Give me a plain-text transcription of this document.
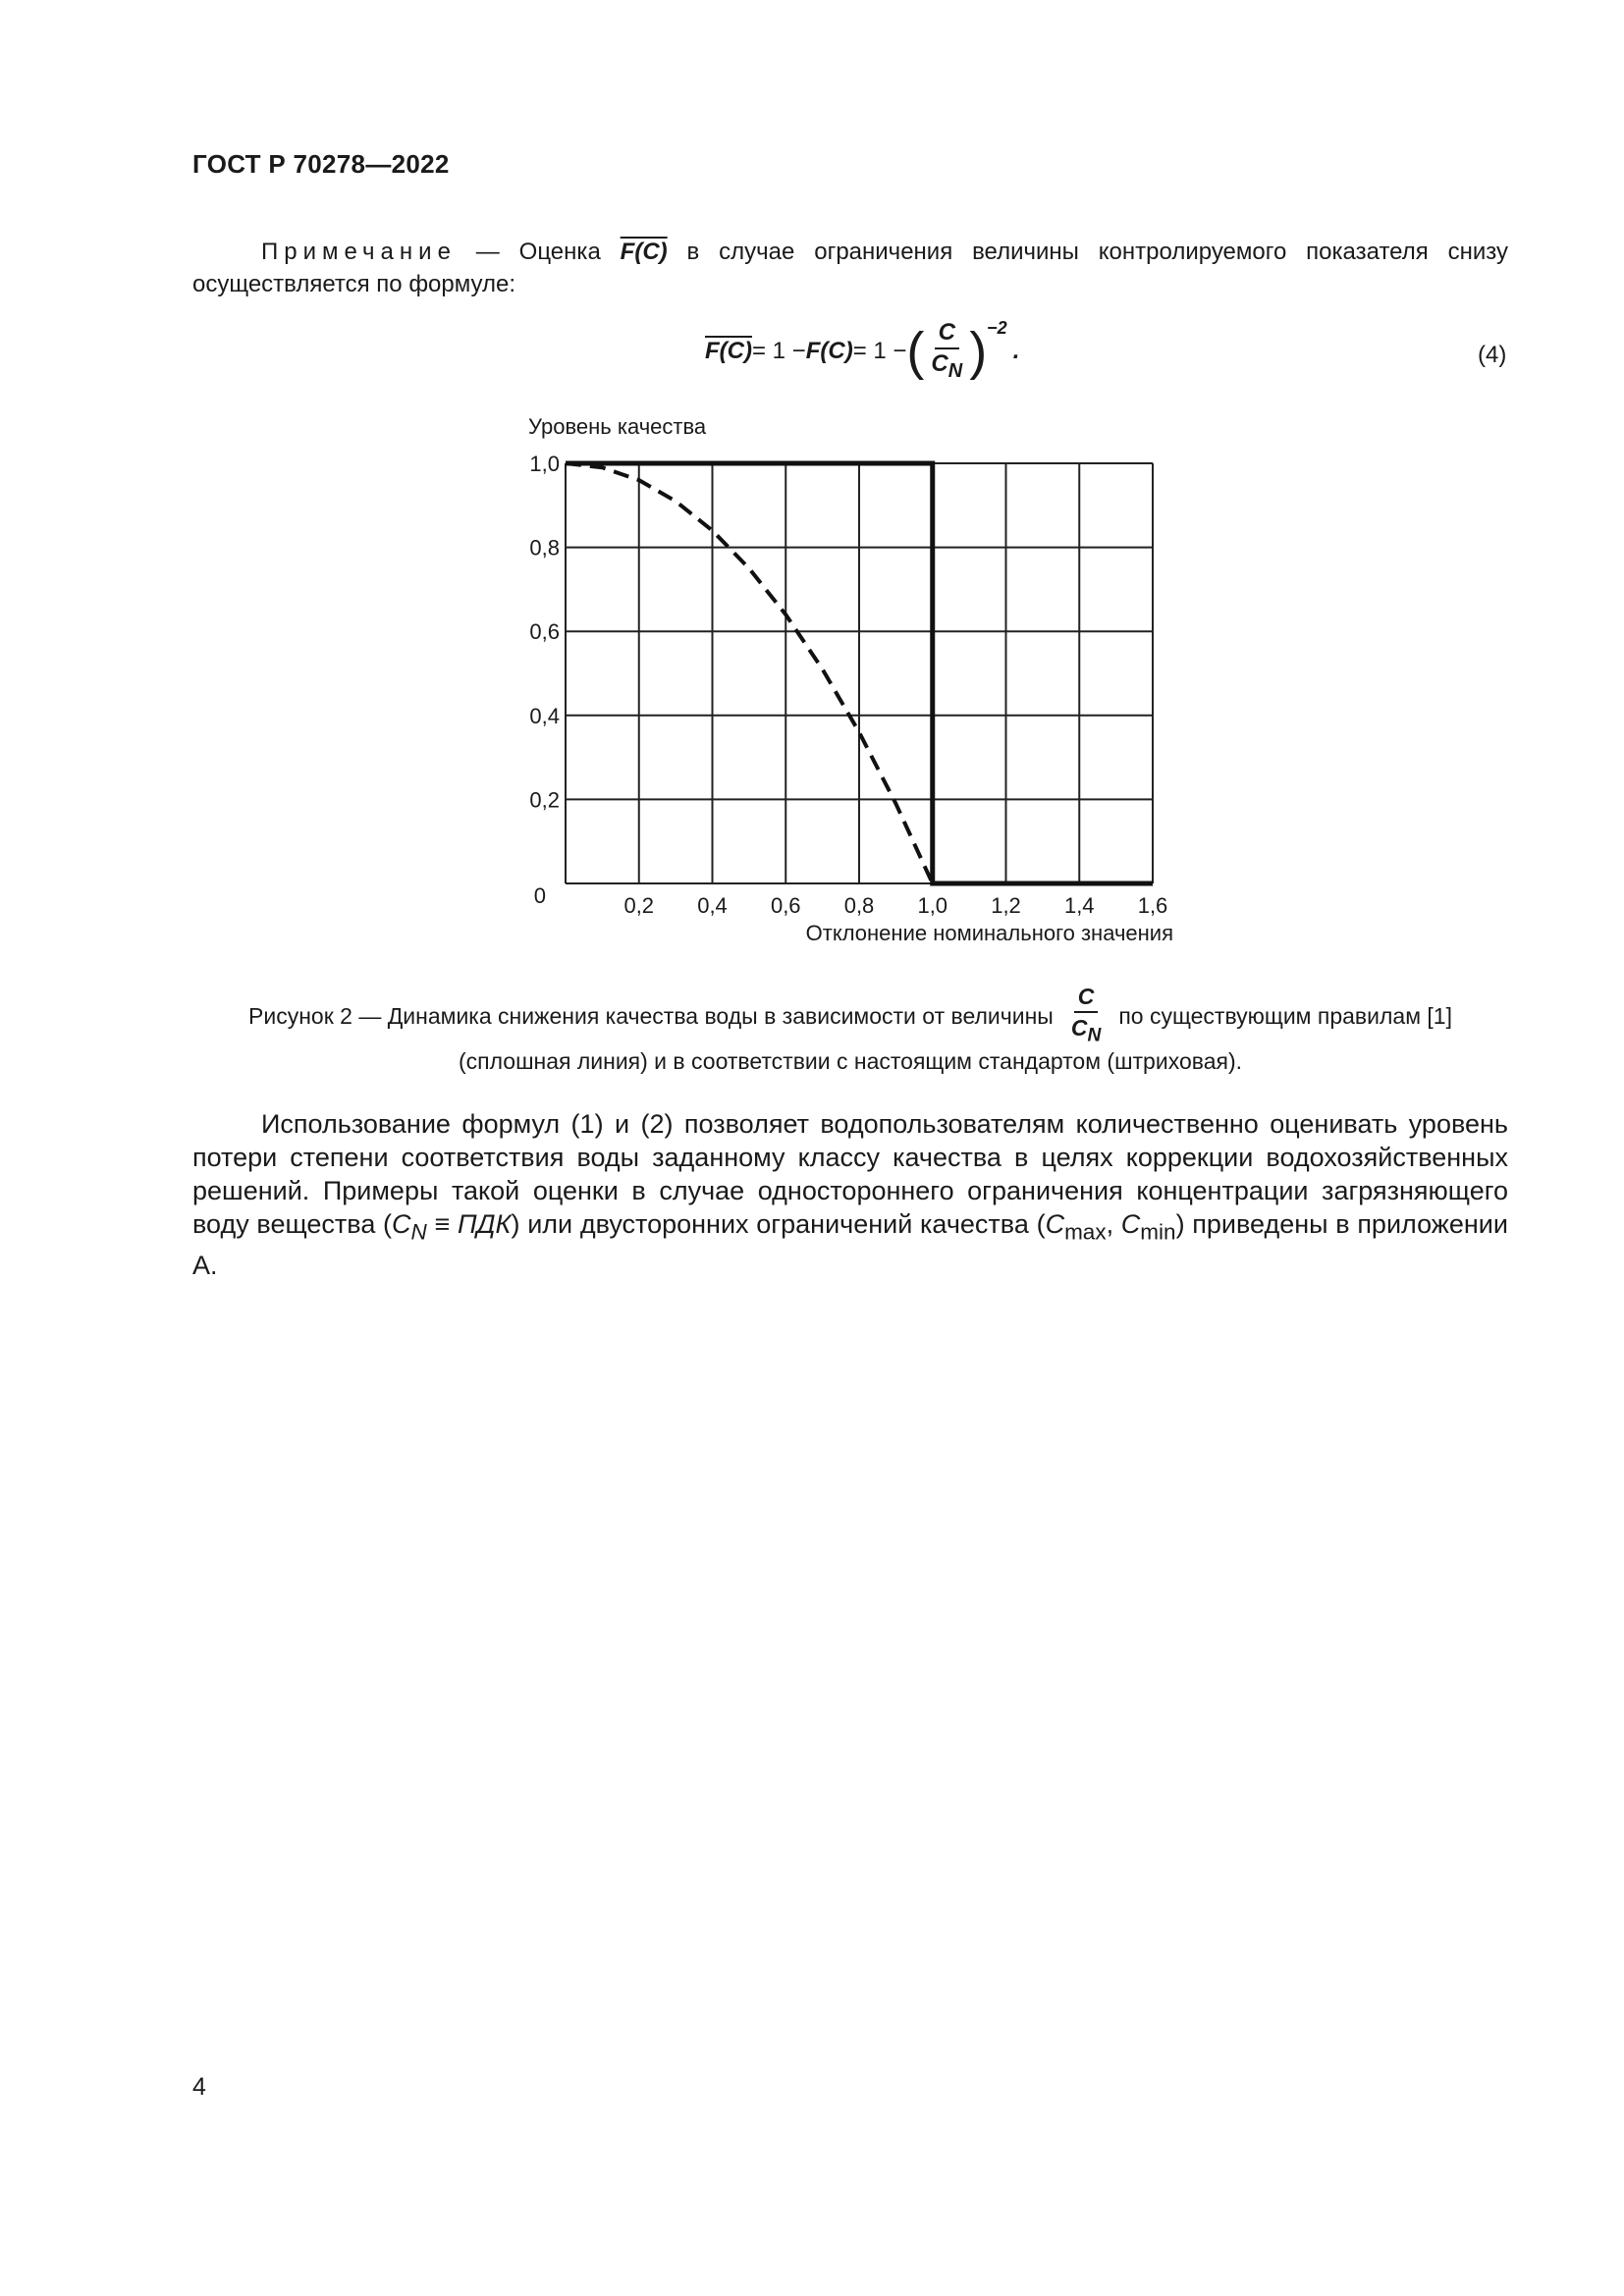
ГОСТ Р 70278—2022
Примечание — Оценка F(C) в случае ограничения величины контролируемого показателя снизу осуществляется по формуле:
F(C) = 1 − F(C) = 1 − ( $\frac{C}{C_N} )^{-2}$
.	(4)
Уровень качества
0,2 0,4 0,6 0,8 1,0 1,2 1,4 1,6
0,2
0,4
0,6
0,8
1,0
0
Отклонение номинального значения
Рисунок 2 — Динамика снижения качества воды в зависимости от величины $\frac{C}{C_N}$ по существующим правилам [1]
(сплошная линия) и в соответствии с настоящим стандартом (штриховая).
Использование формул (1) и (2) позволяет водопользователям количественно оценивать уровень потери степени соответствия воды заданному классу качества в целях коррекции водохозяйственных решений. Примеры такой оценки в случае одностороннего ограничения концентрации загрязняющего воду вещества $(C_N \equiv ПДК)$ или двусторонних ограничений качества ($C_{max}$, $C_{min}$) приведены в приложении А.
4
